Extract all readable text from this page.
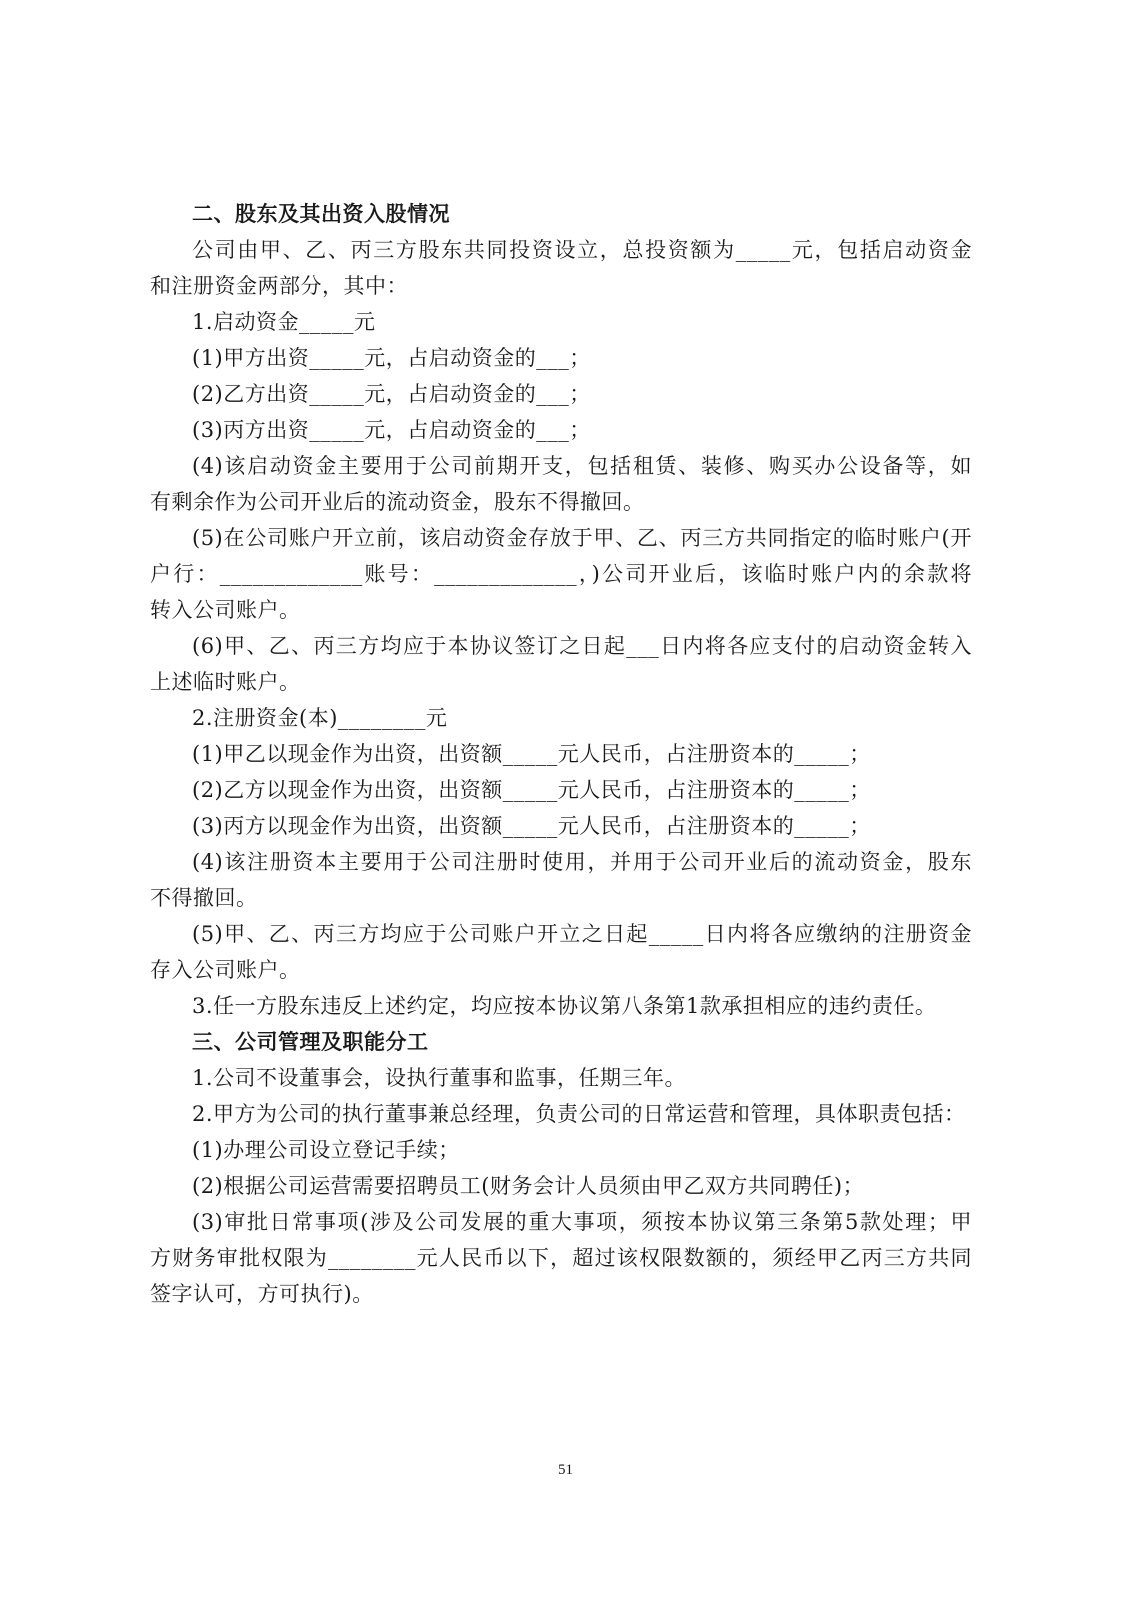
二、股东及其出资入股情况
公司由甲、乙、丙三方股东共同投资设立，总投资额为_____元，包括启动资金
和注册资金两部分，其中：
1.启动资金_____元
(1)甲方出资_____元，占启动资金的___；
(2)乙方出资_____元，占启动资金的___；
(3)丙方出资_____元，占启动资金的___；
(4)该启动资金主要用于公司前期开支，包括租赁、装修、购买办公设备等，如
有剩余作为公司开业后的流动资金，股东不得撤回。
(5)在公司账户开立前，该启动资金存放于甲、乙、丙三方共同指定的临时账户(开
户行：_____________账号：_____________，)公司开业后，该临时账户内的余款将
转入公司账户。
(6)甲、乙、丙三方均应于本协议签订之日起___日内将各应支付的启动资金转入
上述临时账户。
2.注册资金(本)________元
(1)甲乙以现金作为出资，出资额_____元人民币，占注册资本的_____；
(2)乙方以现金作为出资，出资额_____元人民币，占注册资本的_____；
(3)丙方以现金作为出资，出资额_____元人民币，占注册资本的_____；
(4)该注册资本主要用于公司注册时使用，并用于公司开业后的流动资金，股东
不得撤回。
(5)甲、乙、丙三方均应于公司账户开立之日起_____日内将各应缴纳的注册资金
存入公司账户。
3.任一方股东违反上述约定，均应按本协议第八条第1款承担相应的违约责任。
三、公司管理及职能分工
1.公司不设董事会，设执行董事和监事，任期三年。
2.甲方为公司的执行董事兼总经理，负责公司的日常运营和管理，具体职责包括：
(1)办理公司设立登记手续；
(2)根据公司运营需要招聘员工(财务会计人员须由甲乙双方共同聘任)；
(3)审批日常事项(涉及公司发展的重大事项，须按本协议第三条第5款处理；甲
方财务审批权限为________元人民币以下，超过该权限数额的，须经甲乙丙三方共同
签字认可，方可执行)。
51
